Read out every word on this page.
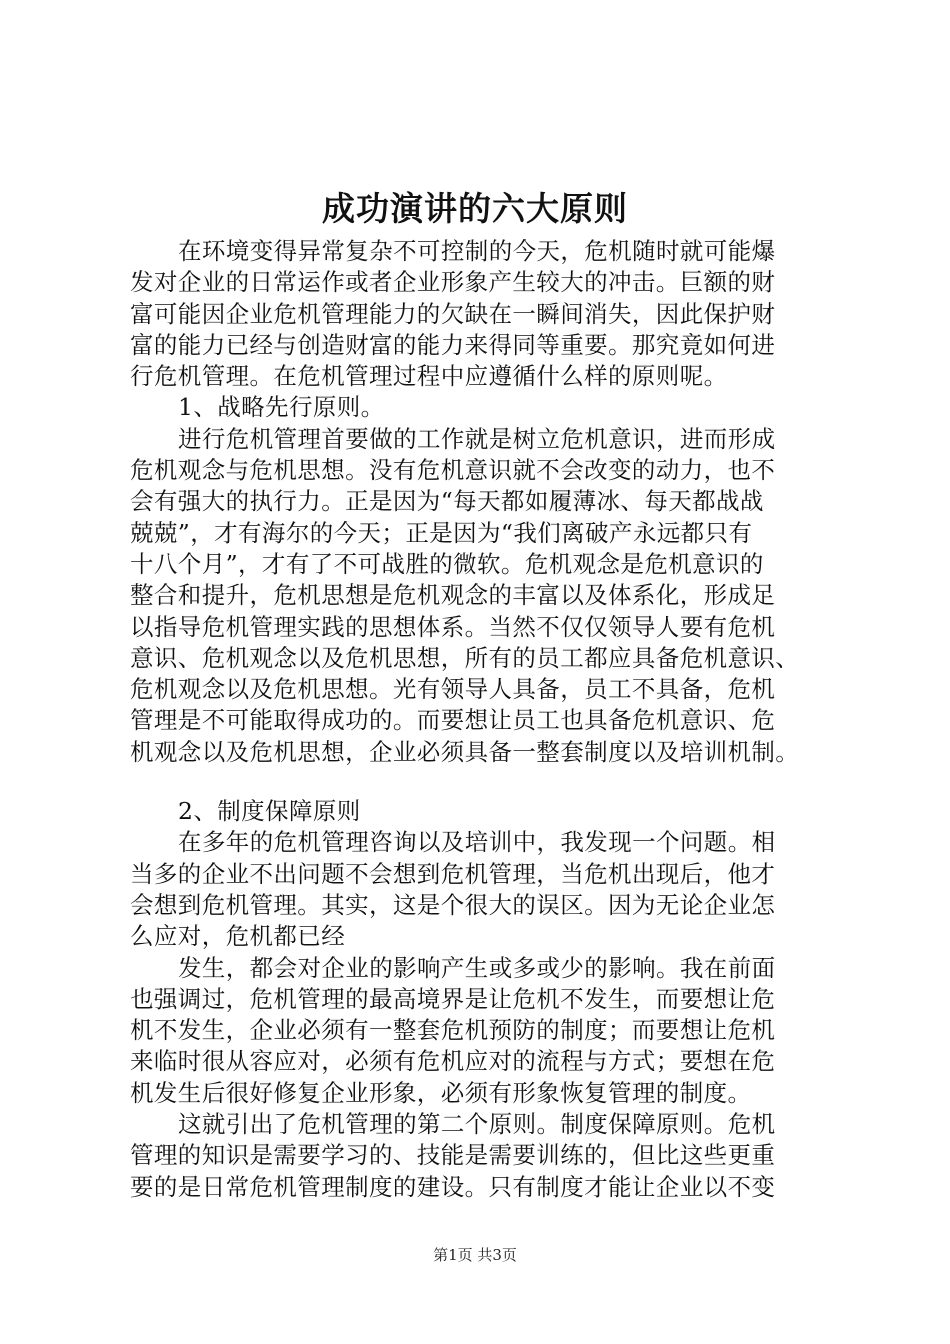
成功演讲的六大原则

在环境变得异常复杂不可控制的今天，危机随时就可能爆

发对企业的日常运作或者企业形象产生较大的冲击。巨额的财

富可能因企业危机管理能力的欠缺在一瞬间消失，因此保护财

富的能力已经与创造财富的能力来得同等重要。那究竟如何进

行危机管理。在危机管理过程中应遵循什么样的原则呢。

1、战略先行原则。

进行危机管理首要做的工作就是树立危机意识，进而形成

危机观念与危机思想。没有危机意识就不会改变的动力，也不

会有强大的执行力。正是因为“每天都如履薄冰、每天都战战

兢兢”，才有海尔的今天；正是因为“我们离破产永远都只有

十八个月”，才有了不可战胜的微软。危机观念是危机意识的

整合和提升，危机思想是危机观念的丰富以及体系化，形成足

以指导危机管理实践的思想体系。当然不仅仅领导人要有危机

意识、危机观念以及危机思想，所有的员工都应具备危机意识、

危机观念以及危机思想。光有领导人具备，员工不具备，危机

管理是不可能取得成功的。而要想让员工也具备危机意识、危

机观念以及危机思想，企业必须具备一整套制度以及培训机制。

2、制度保障原则

在多年的危机管理咨询以及培训中，我发现一个问题。相

当多的企业不出问题不会想到危机管理，当危机出现后，他才

会想到危机管理。其实，这是个很大的误区。因为无论企业怎

么应对，危机都已经

发生，都会对企业的影响产生或多或少的影响。我在前面

也强调过，危机管理的最高境界是让危机不发生，而要想让危

机不发生，企业必须有一整套危机预防的制度；而要想让危机

来临时很从容应对，必须有危机应对的流程与方式；要想在危

机发生后很好修复企业形象，必须有形象恢复管理的制度。

这就引出了危机管理的第二个原则。制度保障原则。危机

管理的知识是需要学习的、技能是需要训练的，但比这些更重

要的是日常危机管理制度的建设。只有制度才能让企业以不变

第1页 共3页
